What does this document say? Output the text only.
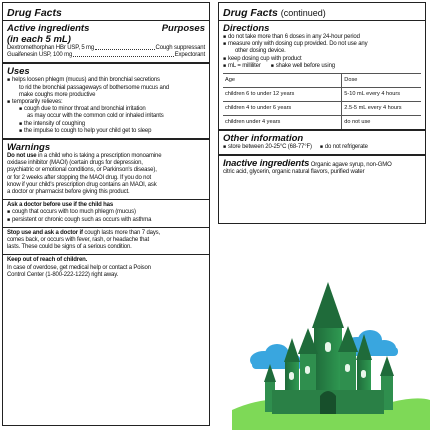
Drug Facts
Active ingredients
(in each 5 mL)
Purposes
Dextromethorphan HBr USP, 5 mg	Cough suppressant
Guaifenesin USP, 100 mg	Expectorant
Uses
■ helps loosen phlegm (mucus) and thin bronchial secretions
to rid the bronchial passageways of bothersome mucus and
make coughs more productive
■ temporarily relieves:
■ cough due to minor throat and bronchial irritation
as may occur with the common cold or inhaled irritants
■ the intensity of coughing
■ the impulse to cough to help your child get to sleep
Warnings
Do not use in a child who is taking a prescription monoamine
oxidase inhibitor (MAOI) (certain drugs for depression,
psychiatric or emotional conditions, or Parkinson's disease),
or for 2 weeks after stopping the MAOI drug. If you do not
know if your child's prescription drug contains an MAOI, ask
a doctor or pharmacist before giving this product.
Ask a doctor before use if the child has
■ cough that occurs with too much phlegm (mucus)
■ persistent or chronic cough such as occurs with asthma
Stop use and ask a doctor if cough lasts more than 7 days,
comes back, or occurs with fever, rash, or headache that
lasts. These could be signs of a serious condition.
Keep out of reach of children.
In case of overdose, get medical help or contact a Poison
Control Center (1-800-222-1222) right away.
Drug Facts (continued)
Directions
■ do not take more than 6 doses in any 24-hour period
■ measure only with dosing cup provided. Do not use any
other dosing device.
■ keep dosing cup with product
■ mL = milliliter ■ shake well before using
Age	Dose
children 6 to under 12 years	5-10 mL every 4 hours
children 4 to under 6 years	2.5-5 mL every 4 hours
children under 4 years	do not use
Other information
■ store between 20-25°C (68-77°F) ■ do not refrigerate
Inactive ingredients Organic agave syrup, non-GMO
citric acid, glycerin, organic natural flavors, purified water
